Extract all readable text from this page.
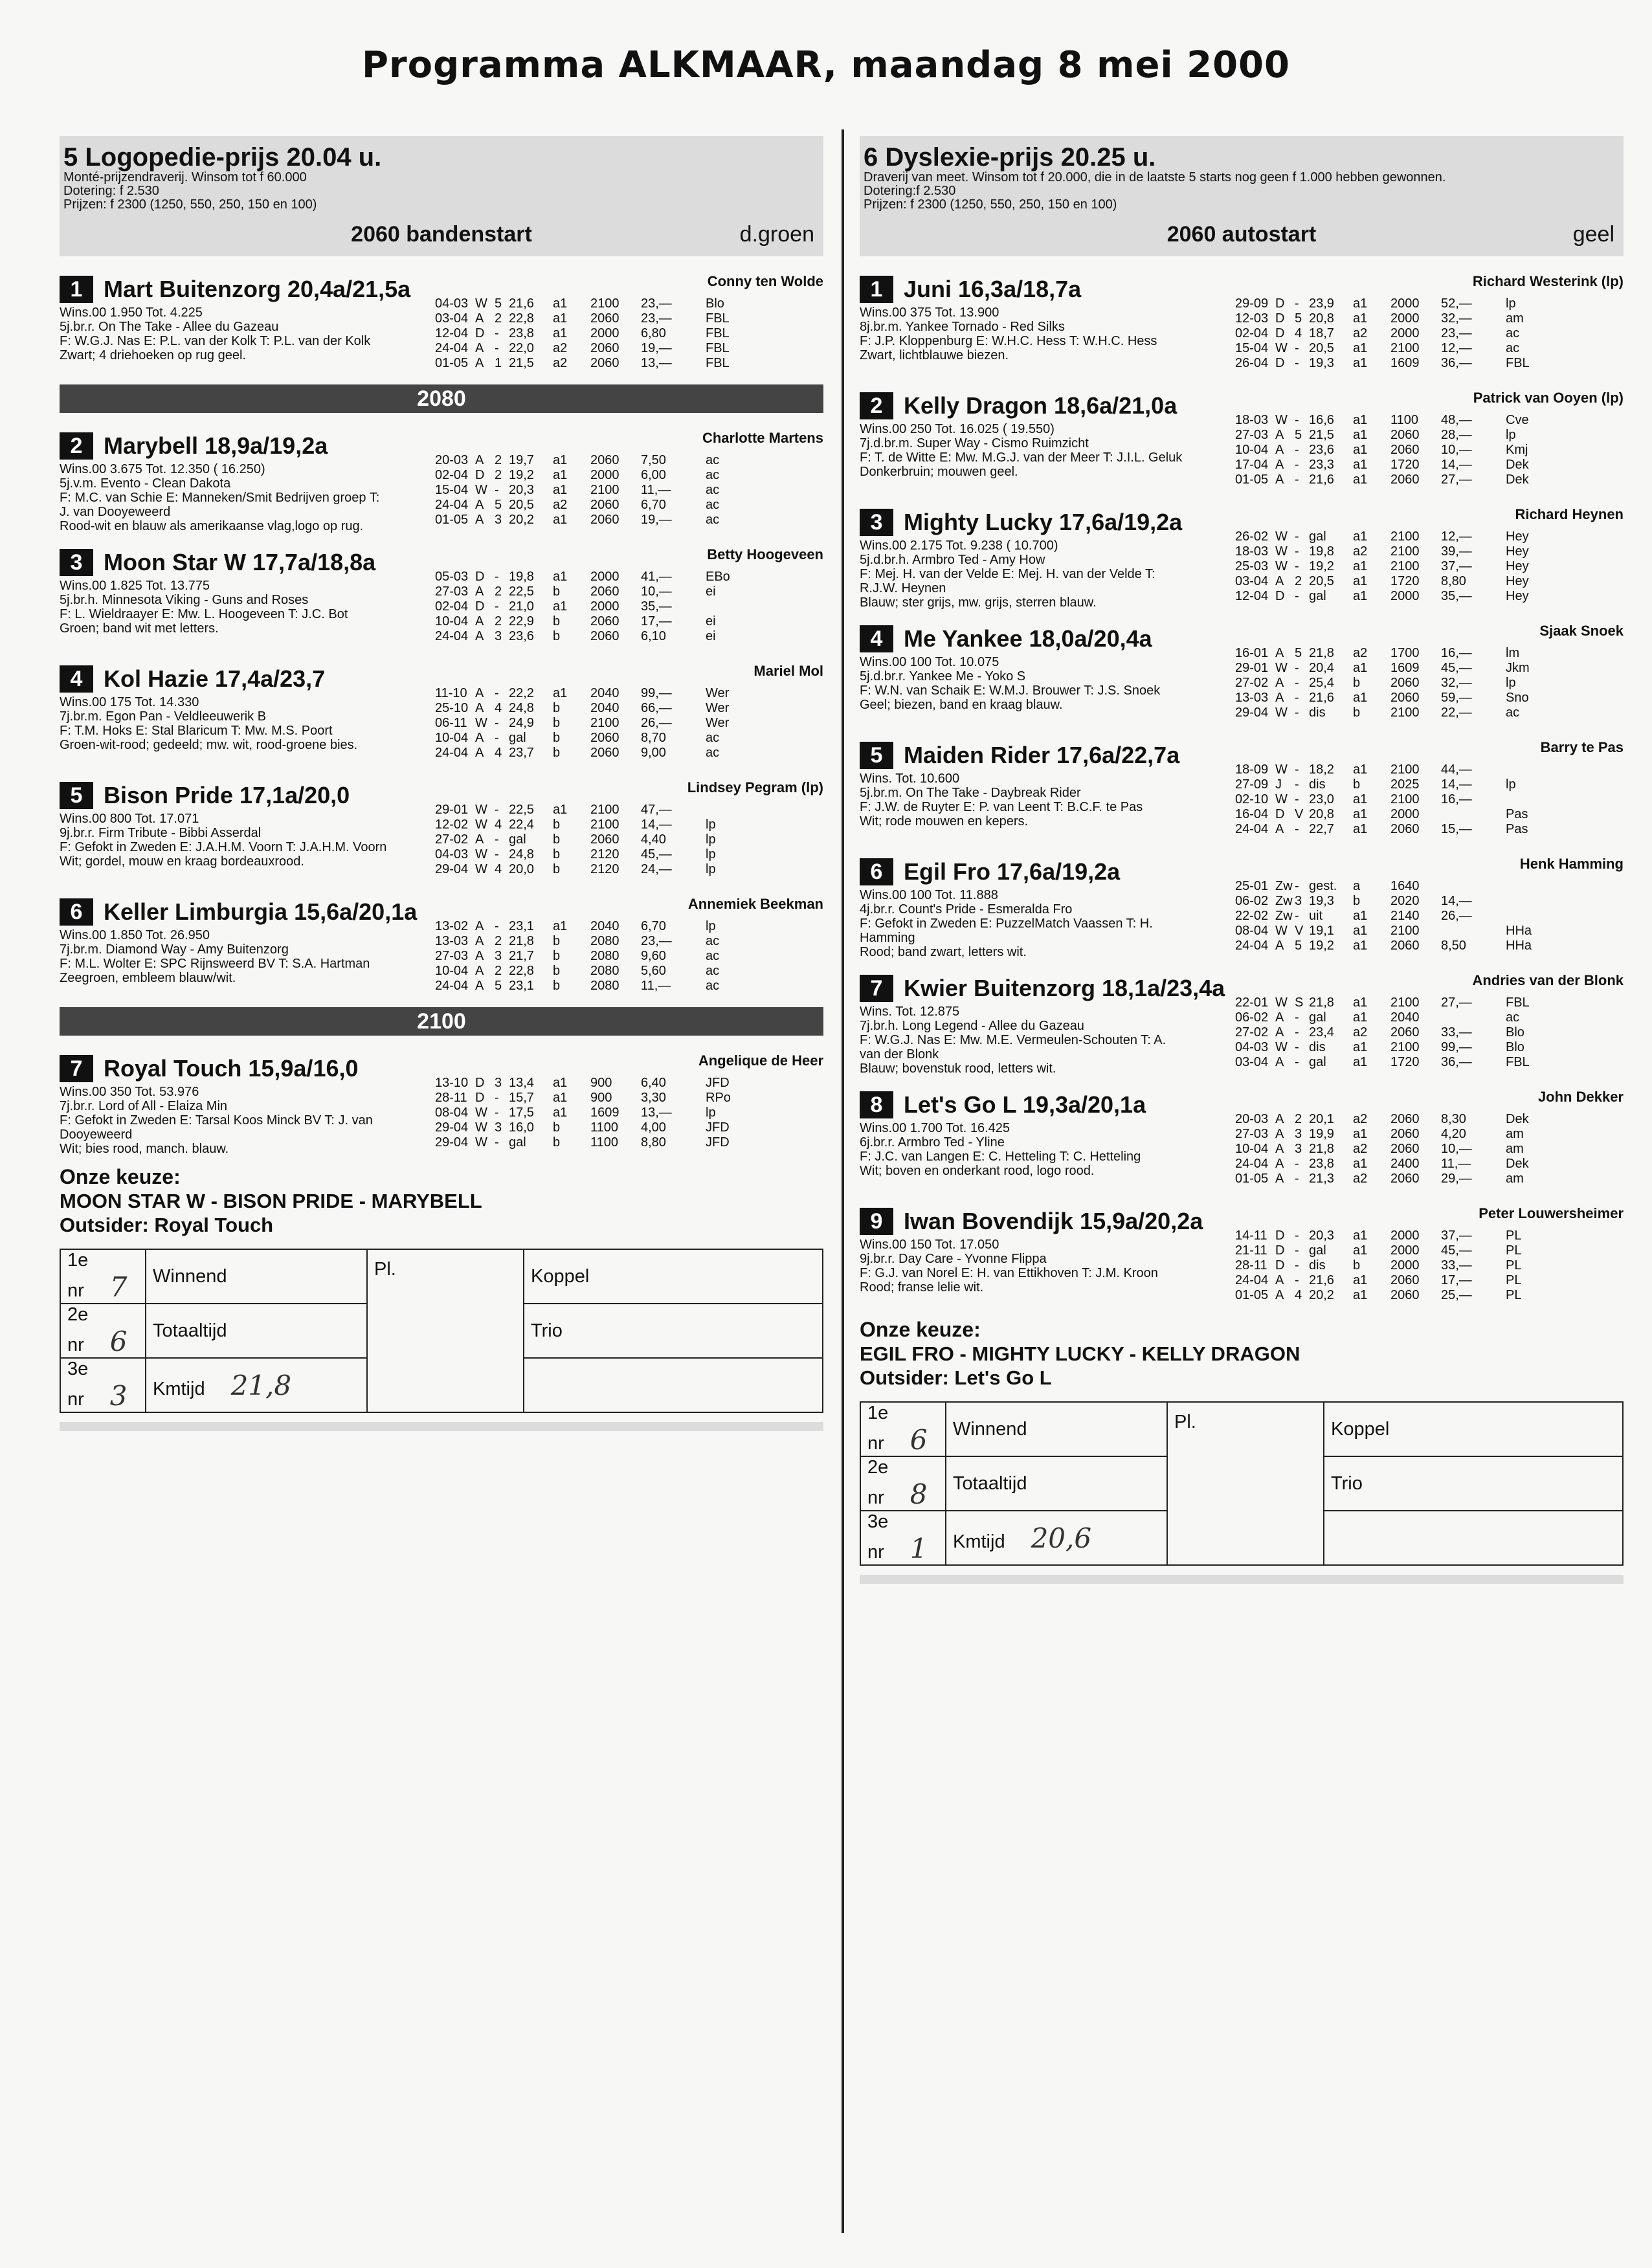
Programma ALKMAAR, maandag 8 mei 2000
5 Logopedie-prijs 20.04 u.
Monté-prijzendraverij. Winsom tot f 60.000
Dotering: f 2.530
Prijzen: f 2300 (1250, 550, 250, 150 en 100)
2060 bandenstart	d.groen
1 Mart Buitenzorg 20,4a/21,5a	Conny ten Wolde
Wins.00 1.950 Tot. 4.225
5j.br.r. On The Take - Allee du Gazeau
F: W.G.J. Nas E: P.L. van der Kolk T: P.L. van der Kolk
Zwart; 4 driehoeken op rug geel.
04-03	W	5	21,6	a1	2100	23,—	Blo
03-04	A	2	22,8	a1	2060	23,—	FBL
12-04	D	-	23,8	a1	2000	6,80	FBL
24-04	A	-	22,0	a2	2060	19,—	FBL
01-05	A	1	21,5	a2	2060	13,—	FBL
2080
2 Marybell 18,9a/19,2a	Charlotte Martens
Wins.00 3.675 Tot. 12.350 ( 16.250)
5j.v.m. Evento - Clean Dakota
F: M.C. van Schie E: Manneken/Smit Bedrijven groep T:
J. van Dooyeweerd
Rood-wit en blauw als amerikaanse vlag,logo op rug.
20-03	A	2	19,7	a1	2060	7,50	ac
02-04	D	2	19,2	a1	2000	6,00	ac
15-04	W	-	20,3	a1	2100	11,—	ac
24-04	A	5	20,5	a2	2060	6,70	ac
01-05	A	3	20,2	a1	2060	19,—	ac
3 Moon Star W 17,7a/18,8a	Betty Hoogeveen
Wins.00 1.825 Tot. 13.775
5j.br.h. Minnesota Viking - Guns and Roses
F: L. Wieldraayer E: Mw. L. Hoogeveen T: J.C. Bot
Groen; band wit met letters.
05-03	D	-	19,8	a1	2000	41,—	EBo
27-03	A	2	22,5	b	2060	10,—	ei
02-04	D	-	21,0	a1	2000	35,—	
10-04	A	2	22,9	b	2060	17,—	ei
24-04	A	3	23,6	b	2060	6,10	ei
4 Kol Hazie 17,4a/23,7	Mariel Mol
Wins.00 175 Tot. 14.330
7j.br.m. Egon Pan - Veldleeuwerik B
F: T.M. Hoks E: Stal Blaricum T: Mw. M.S. Poort
Groen-wit-rood; gedeeld; mw. wit, rood-groene bies.
11-10	A	-	22,2	a1	2040	99,—	Wer
25-10	A	4	24,8	b	2040	66,—	Wer
06-11	W	-	24,9	b	2100	26,—	Wer
10-04	A	-	gal	b	2060	8,70	ac
24-04	A	4	23,7	b	2060	9,00	ac
5 Bison Pride 17,1a/20,0	Lindsey Pegram (lp)
Wins.00 800 Tot. 17.071
9j.br.r. Firm Tribute - Bibbi Asserdal
F: Gefokt in Zweden E: J.A.H.M. Voorn T: J.A.H.M. Voorn
Wit; gordel, mouw en kraag bordeauxrood.
29-01	W	-	22,5	a1	2100	47,—	
12-02	W	4	22,4	b	2100	14,—	lp
27-02	A	-	gal	b	2060	4,40	lp
04-03	W	-	24,8	b	2120	45,—	lp
29-04	W	4	20,0	b	2120	24,—	lp
6 Keller Limburgia 15,6a/20,1a	Annemiek Beekman
Wins.00 1.850 Tot. 26.950
7j.br.m. Diamond Way - Amy Buitenzorg
F: M.L. Wolter E: SPC Rijnsweerd BV T: S.A. Hartman
Zeegroen, embleem blauw/wit.
13-02	A	-	23,1	a1	2040	6,70	lp
13-03	A	2	21,8	b	2080	23,—	ac
27-03	A	3	21,7	b	2080	9,60	ac
10-04	A	2	22,8	b	2080	5,60	ac
24-04	A	5	23,1	b	2080	11,—	ac
2100
7 Royal Touch 15,9a/16,0	Angelique de Heer
Wins.00 350 Tot. 53.976
7j.br.r. Lord of All - Elaiza Min
F: Gefokt in Zweden E: Tarsal Koos Minck BV T: J. van
Dooyeweerd
Wit; bies rood, manch. blauw.
13-10	D	3	13,4	a1	900	6,40	JFD
28-11	D	-	15,7	a1	900	3,30	RPo
08-04	W	-	17,5	a1	1609	13,—	lp
29-04	W	3	16,0	b	1100	4,00	JFD
29-04	W	-	gal	b	1100	8,80	JFD
Onze keuze:
MOON STAR W - BISON PRIDE - MARYBELL
Outsider: Royal Touch
1e nr 7	Winnend	Pl.	Koppel
2e nr 6	Totaaltijd		Trio
3e nr 3	Kmtijd 21,8		
6 Dyslexie-prijs 20.25 u.
Draverij van meet. Winsom tot f 20.000, die in de laatste 5 starts nog geen f 1.000 hebben gewonnen.
Dotering:f 2.530
Prijzen: f 2300 (1250, 550, 250, 150 en 100)
2060 autostart	geel
1 Juni 16,3a/18,7a	Richard Westerink (lp)
Wins.00 375 Tot. 13.900
8j.br.m. Yankee Tornado - Red Silks
F: J.P. Kloppenburg E: W.H.C. Hess T: W.H.C. Hess
Zwart, lichtblauwe biezen.
29-09	D	-	23,9	a1	2000	52,—	lp
12-03	D	5	20,8	a1	2000	32,—	am
02-04	D	4	18,7	a2	2000	23,—	ac
15-04	W	-	20,5	a1	2100	12,—	ac
26-04	D	-	19,3	a1	1609	36,—	FBL
2 Kelly Dragon 18,6a/21,0a	Patrick van Ooyen (lp)
Wins.00 250 Tot. 16.025 ( 19.550)
7j.d.br.m. Super Way - Cismo Ruimzicht
F: T. de Witte E: Mw. M.G.J. van der Meer T: J.I.L. Geluk
Donkerbruin; mouwen geel.
18-03	W	-	16,6	a1	1100	48,—	Cve
27-03	A	5	21,5	a1	2060	28,—	lp
10-04	A	-	23,6	a1	2060	10,—	Kmj
17-04	A	-	23,3	a1	1720	14,—	Dek
01-05	A	-	21,6	a1	2060	27,—	Dek
3 Mighty Lucky 17,6a/19,2a	Richard Heynen
Wins.00 2.175 Tot. 9.238 ( 10.700)
5j.d.br.h. Armbro Ted - Amy How
F: Mej. H. van der Velde E: Mej. H. van der Velde T:
R.J.W. Heynen
Blauw; ster grijs, mw. grijs, sterren blauw.
26-02	W	-	gal	a1	2100	12,—	Hey
18-03	W	-	19,8	a2	2100	39,—	Hey
25-03	W	-	19,2	a1	2100	37,—	Hey
03-04	A	2	20,5	a1	1720	8,80	Hey
12-04	D	-	gal	a1	2000	35,—	Hey
4 Me Yankee 18,0a/20,4a	Sjaak Snoek
Wins.00 100 Tot. 10.075
5j.d.br.r. Yankee Me - Yoko S
F: W.N. van Schaik E: W.M.J. Brouwer T: J.S. Snoek
Geel; biezen, band en kraag blauw.
16-01	A	5	21,8	a2	1700	16,—	lm
29-01	W	-	20,4	a1	1609	45,—	Jkm
27-02	A	-	25,4	b	2060	32,—	lp
13-03	A	-	21,6	a1	2060	59,—	Sno
29-04	W	-	dis	b	2100	22,—	ac
5 Maiden Rider 17,6a/22,7a	Barry te Pas
Wins. Tot. 10.600
5j.br.m. On The Take - Daybreak Rider
F: J.W. de Ruyter E: P. van Leent T: B.C.F. te Pas
Wit; rode mouwen en kepers.
18-09	W	-	18,2	a1	2100	44,—	
27-09	J	-	dis	b	2025	14,—	lp
02-10	W	-	23,0	a1	2100	16,—	
16-04	D	V	20,8	a1	2000		Pas
24-04	A	-	22,7	a1	2060	15,—	Pas
6 Egil Fro 17,6a/19,2a	Henk Hamming
Wins.00 100 Tot. 11.888
4j.br.r. Count's Pride - Esmeralda Fro
F: Gefokt in Zweden E: PuzzelMatch Vaassen T: H.
Hamming
Rood; band zwart, letters wit.
25-01	Zw	-	gest.	a	1640		
06-02	Zw	3	19,3	b	2020	14,—	
22-02	Zw	-	uit	a1	2140	26,—	
08-04	W	V	19,1	a1	2100		HHa
24-04	A	5	19,2	a1	2060	8,50	HHa
7 Kwier Buitenzorg 18,1a/23,4a	Andries van der Blonk
Wins. Tot. 12.875
7j.br.h. Long Legend - Allee du Gazeau
F: W.G.J. Nas E: Mw. M.E. Vermeulen-Schouten T: A.
van der Blonk
Blauw; bovenstuk rood, letters wit.
22-01	W	S	21,8	a1	2100	27,—	FBL
06-02	A	-	gal	a1	2040		ac
27-02	A	-	23,4	a2	2060	33,—	Blo
04-03	W	-	dis	a1	2100	99,—	Blo
03-04	A	-	gal	a1	1720	36,—	FBL
8 Let's Go L 19,3a/20,1a	John Dekker
Wins.00 1.700 Tot. 16.425
6j.br.r. Armbro Ted - Yline
F: J.C. van Langen E: C. Hetteling T: C. Hetteling
Wit; boven en onderkant rood, logo rood.
20-03	A	2	20,1	a2	2060	8,30	Dek
27-03	A	3	19,9	a1	2060	4,20	am
10-04	A	3	21,8	a2	2060	10,—	am
24-04	A	-	23,8	a1	2400	11,—	Dek
01-05	A	-	21,3	a2	2060	29,—	am
9 Iwan Bovendijk 15,9a/20,2a	Peter Louwersheimer
Wins.00 150 Tot. 17.050
9j.br.r. Day Care - Yvonne Flippa
F: G.J. van Norel E: H. van Ettikhoven T: J.M. Kroon
Rood; franse lelie wit.
14-11	D	-	20,3	a1	2000	37,—	PL
21-11	D	-	gal	a1	2000	45,—	PL
28-11	D	-	dis	b	2000	33,—	PL
24-04	A	-	21,6	a1	2060	17,—	PL
01-05	A	4	20,2	a1	2060	25,—	PL
Onze keuze:
EGIL FRO - MIGHTY LUCKY - KELLY DRAGON
Outsider: Let's Go L
1e nr 6	Winnend	Pl.	Koppel
2e nr 8	Totaaltijd		Trio
3e nr 1	Kmtijd 20,6		
